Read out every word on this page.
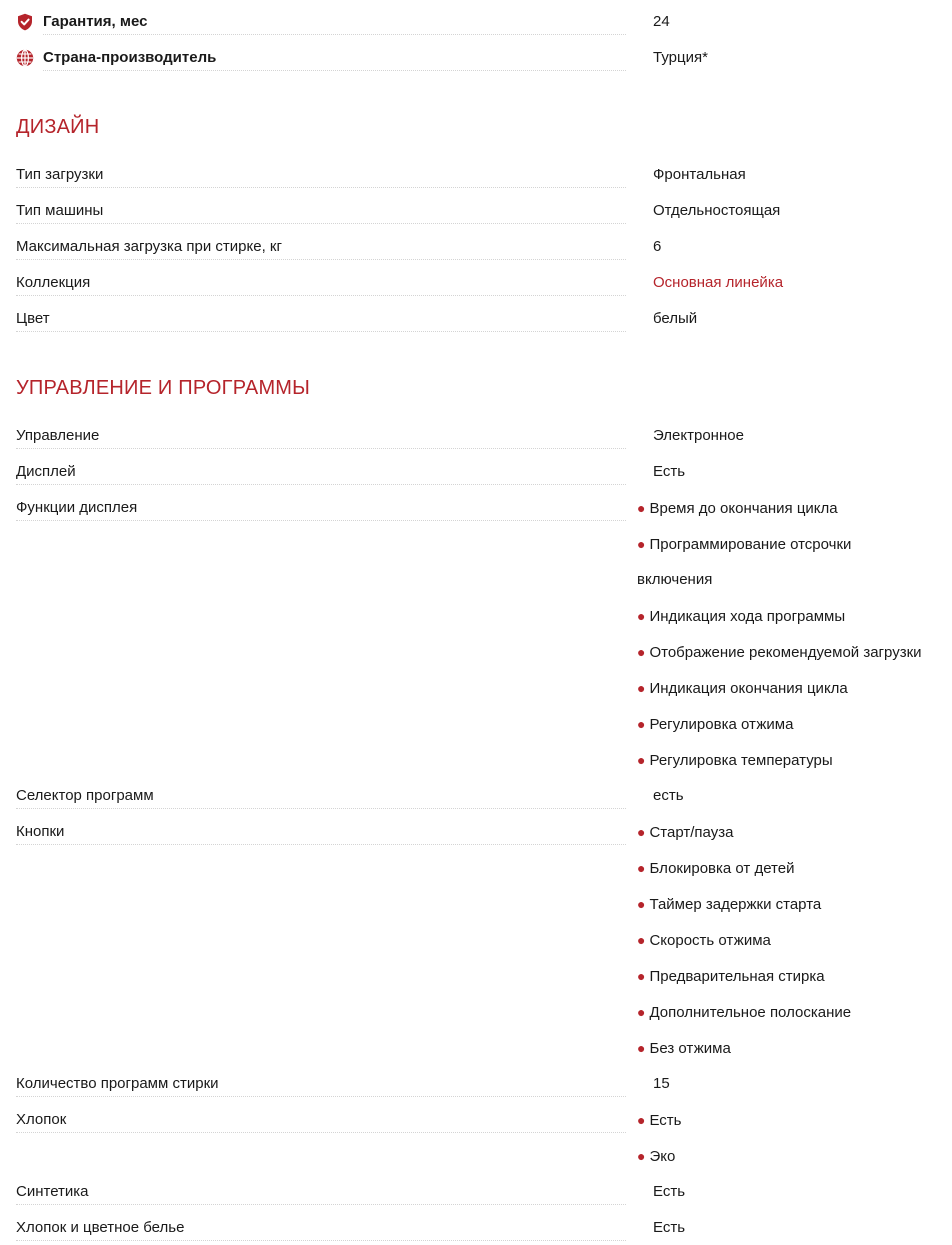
Гарантия, мес	24
Страна-производитель	Турция*
ДИЗАЙН
Тип загрузки	Фронтальная
Тип машины	Отдельностоящая
Максимальная загрузка при стирке, кг	6
Коллекция	Основная линейка
Цвет	белый
УПРАВЛЕНИЕ И ПРОГРАММЫ
Управление	Электронное
Дисплей	Есть
Функции дисплея	● Время до окончания цикла
● Программирование отсрочки
включения
● Индикация хода программы
● Отображение рекомендуемой загрузки
● Индикация окончания цикла
● Регулировка отжима
● Регулировка температуры
Селектор программ	есть
Кнопки	● Старт/пауза
● Блокировка от детей
● Таймер задержки старта
● Скорость отжима
● Предварительная стирка
● Дополнительное полоскание
● Без отжима
Количество программ стирки	15
Хлопок	● Есть
● Эко
Синтетика	Есть
Хлопок и цветное белье	Есть
